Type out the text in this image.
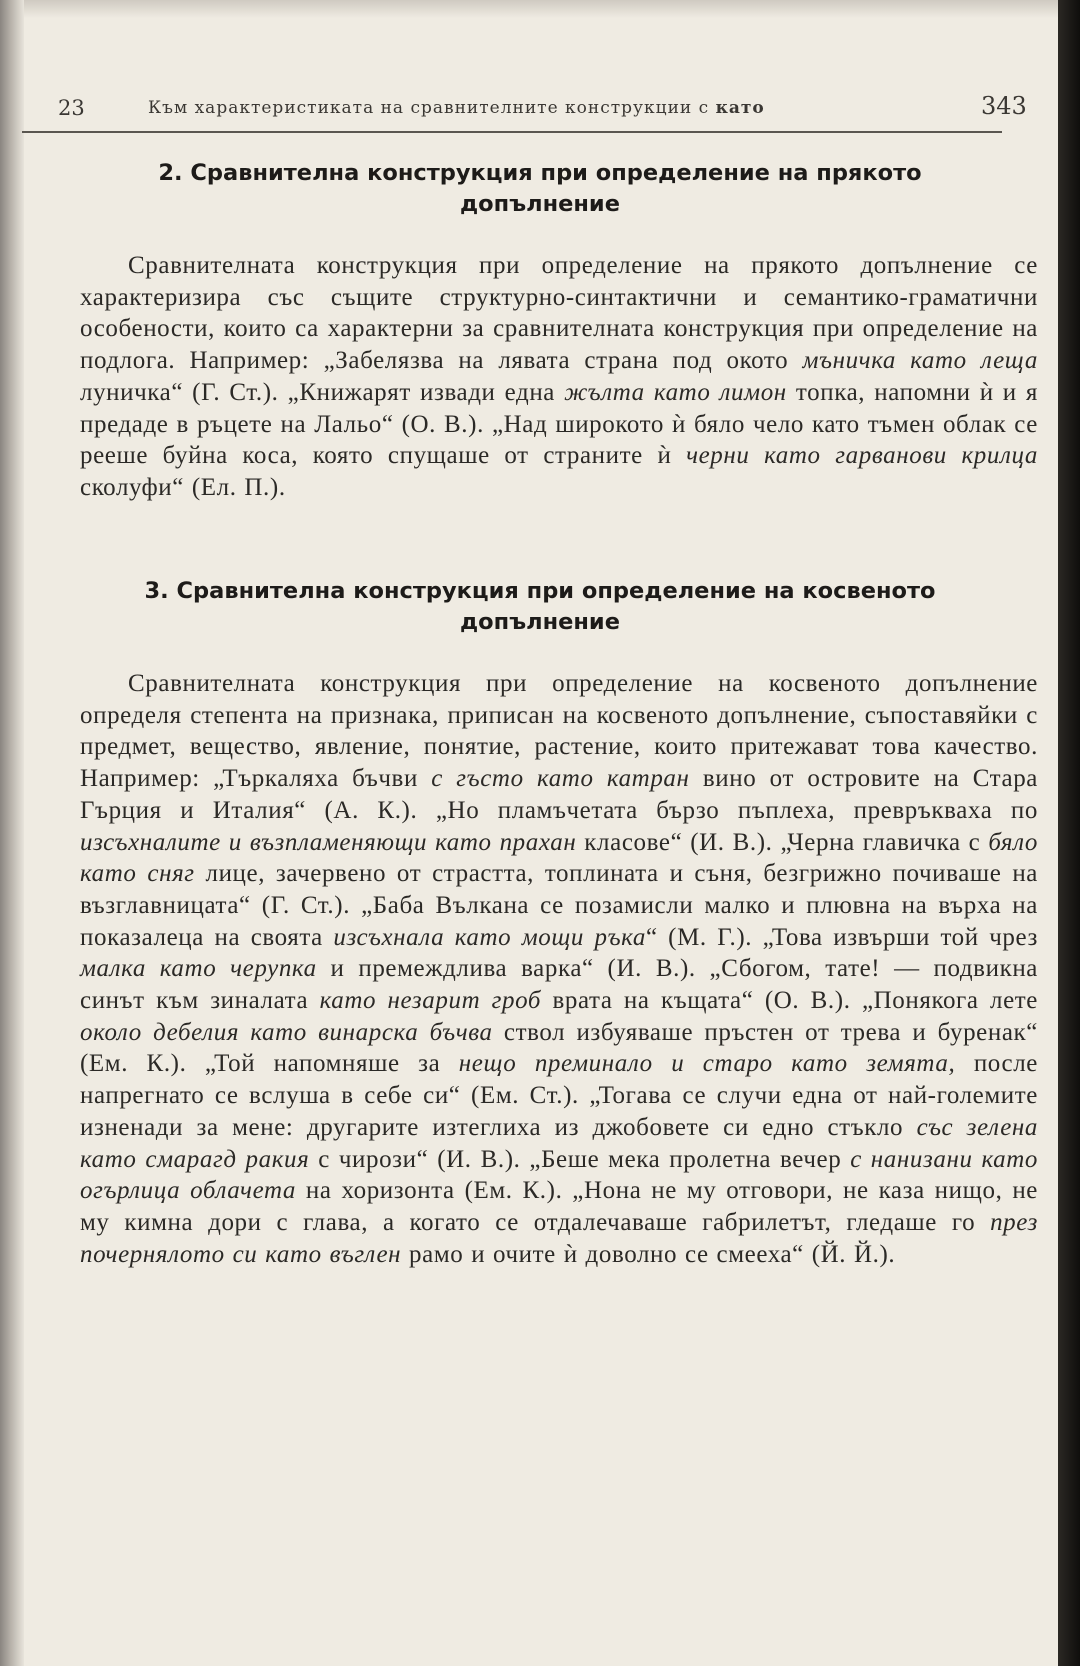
23	Към характеристиката на сравнителните конструкции с като	343
2. Сравнителна конструкция при определение на прякото
допълнение
Сравнителната конструкция при определение на прякото допълнение се характеризира със същите структурно-синтактични и семантико-граматични особености, които са характерни за сравнителната конструкция при определение на подлога. Например: „Забелязва на лявата страна под окото мъничка като леща луничка“ (Г. Ст.). „Книжарят извади една жълта като лимон топка, напомни ѝ и я предаде в ръцете на Лальо“ (О. В.). „Над широкото ѝ бяло чело като тъмен облак се рееше буйна коса, която спущаше от страните ѝ черни като гарванови крилца сколуфи“ (Ел. П.).
3. Сравнителна конструкция при определение на косвеното
допълнение
Сравнителната конструкция при определение на косвеното допълнение определя степента на признака, приписан на косвеното допълнение, съпоставяйки с предмет, вещество, явление, понятие, растение, които притежават това качество. Например: „Търкаляха бъчви с гъсто като катран вино от островите на Стара Гърция и Италия“ (А. К.). „Но пламъчетата бързо пъплеха, превръкваха по изсъхналите и възпламеняющи като прахан класове“ (И. В.). „Черна главичка с бяло като сняг лице, зачервено от страстта, топлината и съня, безгрижно почиваше на възглавницата“ (Г. Ст.). „Баба Вълкана се позамисли малко и плювна на върха на показалеца на своята изсъхнала като мощи ръка“ (М. Г.). „Това извърши той чрез малка като черупка и премеждлива варка“ (И. В.). „Сбогом, тате! — подвикна синът към зиналата като незарит гроб врата на къщата“ (О. В.). „Понякога лете около дебелия като винарска бъчва ствол избуяваше пръстен от трева и буренак“ (Ем. К.). „Той напомняше за нещо преминало и старо като земята, после напрегнато се вслуша в себе си“ (Ем. Ст.). „Тогава се случи една от най-големите изненади за мене: другарите изтеглиха из джобовете си едно стъкло със зелена като смарагд ракия с чирози“ (И. В.). „Беше мека пролетна вечер с нанизани като огърлица облачета на хоризонта (Ем. К.). „Нона не му отговори, не каза нищо, не му кимна дори с глава, а когато се отдалечаваше габрилетът, гледаше го през почернялото си като въглен рамо и очите ѝ доволно се смееха“ (Й. Й.).
